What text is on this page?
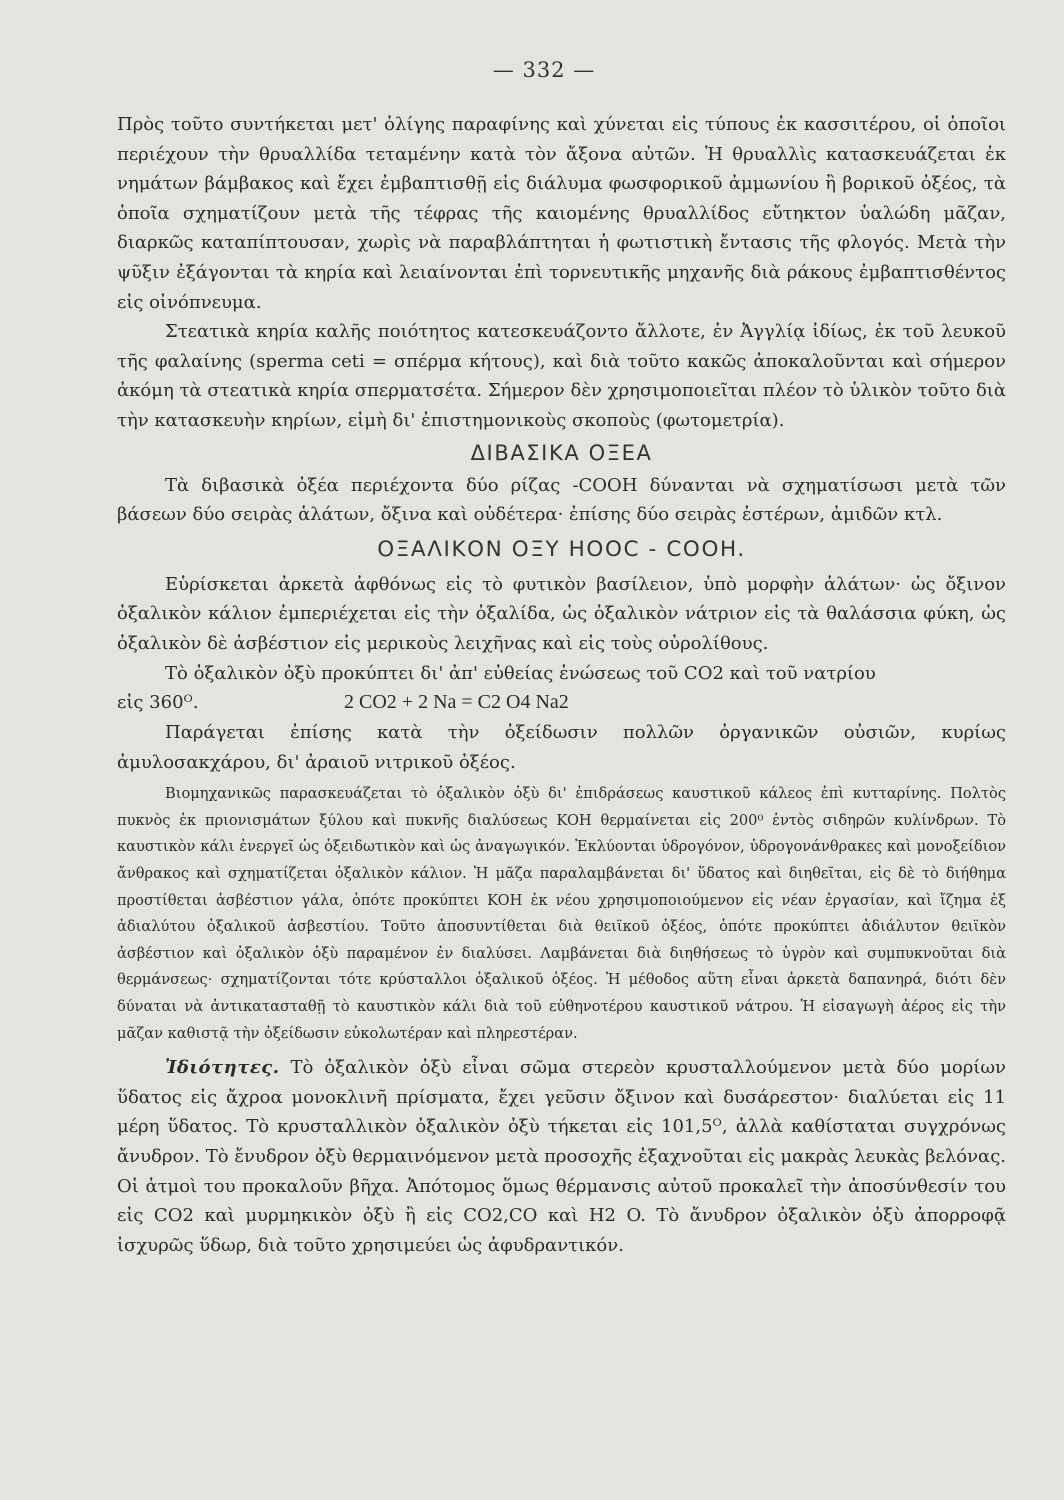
— 332 —

Πρὸς τοῦτο συντήκεται μετ' ὀλίγης παραφίνης καὶ χύνεται εἰς τύπους ἐκ κασσιτέρου, οἱ ὁποῖοι περιέχουν τὴν θρυαλλίδα τεταμένην κατὰ τὸν ἄξονα αὐτῶν. Ἡ θρυαλλὶς κατασκευάζεται ἐκ νημάτων βάμβακος καὶ ἔχει ἐμβαπτισθῇ εἰς διάλυμα φωσφορικοῦ ἀμμωνίου ἢ βορικοῦ ὀξέος, τὰ ὁποῖα σχηματίζουν μετὰ τῆς τέφρας τῆς καιομένης θρυαλλίδος εὔτηκτον ὑαλώδη μᾶζαν, διαρκῶς καταπίπτουσαν, χωρὶς νὰ παραβλάπτηται ἡ φωτιστικὴ ἔντασις τῆς φλογός. Μετὰ τὴν ψῦξιν ἐξάγονται τὰ κηρία καὶ λειαίνονται ἐπὶ τορνευτικῆς μηχανῆς διὰ ράκους ἐμβαπτισθέντος εἰς οἰνόπνευμα.

Στεατικὰ κηρία καλῆς ποιότητος κατεσκευάζοντο ἄλλοτε, ἐν Ἀγγλίᾳ ἰδίως, ἐκ τοῦ λευκοῦ τῆς φαλαίνης (sperma ceti = σπέρμα κήτους), καὶ διὰ τοῦτο κακῶς ἀποκαλοῦνται καὶ σήμερον ἀκόμη τὰ στεατικὰ κηρία σπερματσέτα. Σήμερον δὲν χρησιμοποιεῖται πλέον τὸ ὑλικὸν τοῦτο διὰ τὴν κατασκευὴν κηρίων, εἰμὴ δι' ἐπιστημονικοὺς σκοποὺς (φωτομετρία).

ΔΙΒΑΣΙΚΑ ΟΞΕΑ

Τὰ διβασικὰ ὀξέα περιέχοντα δύο ρίζας -COOH δύνανται νὰ σχηματίσωσι μετὰ τῶν βάσεων δύο σειρὰς ἁλάτων, ὄξινα καὶ οὐδέτερα· ἐπίσης δύο σειρὰς ἐστέρων, ἀμιδῶν κτλ.

ΟΞΑΛΙΚΟΝ ΟΞΥ HOOC - COOH.

Εὑρίσκεται ἀρκετὰ ἀφθόνως εἰς τὸ φυτικὸν βασίλειον, ὑπὸ μορφὴν ἁλάτων· ὡς ὄξινον ὀξαλικὸν κάλιον ἐμπεριέχεται εἰς τὴν ὀξαλίδα, ὡς ὀξαλικὸν νάτριον εἰς τὰ θαλάσσια φύκη, ὡς ὀξαλικὸν δὲ ἀσβέστιον εἰς μερικοὺς λειχῆνας καὶ εἰς τοὺς οὐρολίθους.

Τὸ ὀξαλικὸν ὀξὺ προκύπτει δι' ἀπ' εὐθείας ἑνώσεως τοῦ CO2 καὶ τοῦ νατρίου

εἰς 360ᴼ.	2 CO2 + 2 Na = C2 O4 Na2

Παράγεται ἐπίσης κατὰ τὴν ὀξείδωσιν πολλῶν ὀργανικῶν οὐσιῶν, κυρίως ἀμυλοσακχάρου, δι' ἀραιοῦ νιτρικοῦ ὀξέος.

Βιομηχανικῶς παρασκευάζεται τὸ ὀξαλικὸν ὀξὺ δι' ἐπιδράσεως καυστικοῦ κάλεος ἐπὶ κυτταρίνης. Πολτὸς πυκνὸς ἐκ πριονισμάτων ξύλου καὶ πυκνῆς διαλύσεως KOH θερμαίνεται εἰς 200⁰ ἐντὸς σιδηρῶν κυλίνδρων. Τὸ καυστικὸν κάλι ἐνεργεῖ ὡς ὀξειδωτικὸν καὶ ὡς ἀναγωγικόν. Ἐκλύονται ὑδρογόνον, ὑδρογονάνθρακες καὶ μονοξείδιον ἄνθρακος καὶ σχηματίζεται ὀξαλικὸν κάλιον. Ἡ μᾶζα παραλαμβάνεται δι' ὕδατος καὶ διηθεῖται, εἰς δὲ τὸ διήθημα προστίθεται ἀσβέστιον γάλα, ὁπότε προκύπτει KOH ἐκ νέου χρησιμοποιούμενον εἰς νέαν ἐργασίαν, καὶ ἴζημα ἐξ ἀδιαλύτου ὀξαλικοῦ ἀσβεστίου. Τοῦτο ἀποσυντίθεται διὰ θειϊκοῦ ὀξέος, ὁπότε προκύπτει ἀδιάλυτον θειϊκὸν ἀσβέστιον καὶ ὀξαλικὸν ὀξὺ παραμένον ἐν διαλύσει. Λαμβάνεται διὰ διηθήσεως τὸ ὑγρὸν καὶ συμπυκνοῦται διὰ θερμάνσεως· σχηματίζονται τότε κρύσταλλοι ὀξαλικοῦ ὀξέος. Ἡ μέθοδος αὕτη εἶναι ἀρκετὰ δαπανηρά, διότι δὲν δύναται νὰ ἀντικατασταθῇ τὸ καυστικὸν κάλι διὰ τοῦ εὐθηνοτέρου καυστικοῦ νάτρου. Ἡ εἰσαγωγὴ ἀέρος εἰς τὴν μᾶζαν καθιστᾷ τὴν ὀξείδωσιν εὐκολωτέραν καὶ πληρεστέραν.

Ἰδιότητες. Τὸ ὀξαλικὸν ὀξὺ εἶναι σῶμα στερεὸν κρυσταλλούμενον μετὰ δύο μορίων ὕδατος εἰς ἄχροα μονοκλινῆ πρίσματα, ἔχει γεῦσιν ὄξινον καὶ δυσάρεστον· διαλύεται εἰς 11 μέρη ὕδατος. Τὸ κρυσταλλικὸν ὀξαλικὸν ὀξὺ τήκεται εἰς 101,5ᴼ, ἀλλὰ καθίσταται συγχρόνως ἄνυδρον. Τὸ ἔνυδρον ὀξὺ θερμαινόμενον μετὰ προσοχῆς ἐξαχνοῦται εἰς μακρὰς λευκὰς βελόνας. Οἱ ἀτμοὶ του προκαλοῦν βῆχα. Ἀπότομος ὅμως θέρμανσις αὐτοῦ προκαλεῖ τὴν ἀποσύνθεσίν του εἰς CO2 καὶ μυρμηκικὸν ὀξὺ ἢ εἰς CO2,CO καὶ H2 O. Τὸ ἄνυδρον ὀξαλικὸν ὀξὺ ἀπορροφᾷ ἰσχυρῶς ὕδωρ, διὰ τοῦτο χρησιμεύει ὡς ἀφυδραντικόν.
